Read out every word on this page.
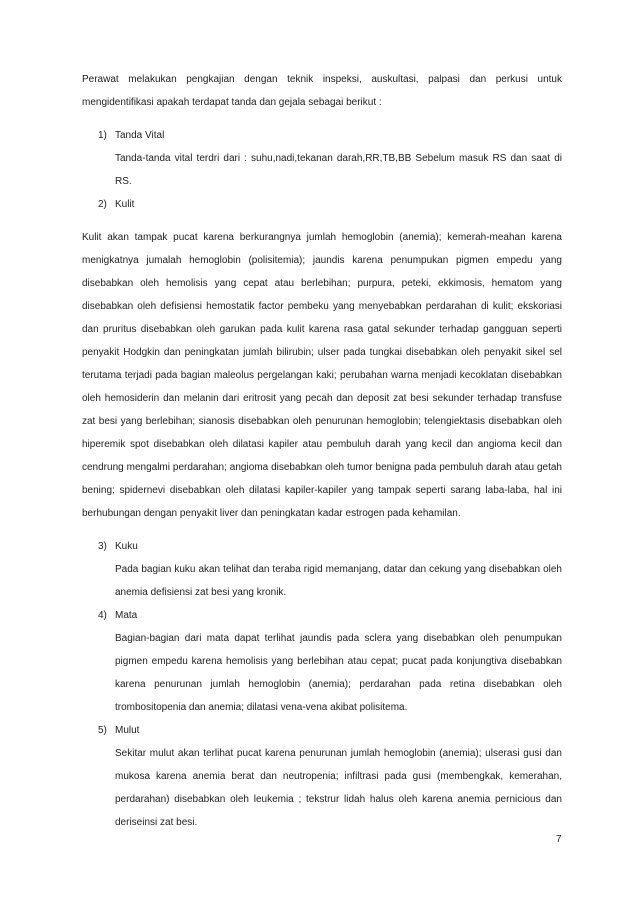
Perawat melakukan pengkajian dengan teknik inspeksi, auskultasi, palpasi dan perkusi untuk mengidentifikasi apakah terdapat tanda dan gejala sebagai berikut :

1) Tanda Vital
Tanda-tanda vital terdri dari : suhu,nadi,tekanan darah,RR,TB,BB Sebelum masuk RS dan saat di RS.
2) Kulit

Kulit akan tampak pucat karena berkurangnya jumlah hemoglobin (anemia); kemerah-meahan karena menigkatnya jumalah hemoglobin (polisitemia); jaundis karena penumpukan pigmen empedu yang disebabkan oleh hemolisis yang cepat atau berlebihan; purpura, peteki, ekkimosis, hematom yang disebabkan oleh defisiensi hemostatik factor pembeku yang menyebabkan perdarahan di kulit; ekskoriasi dan pruritus disebabkan oleh garukan pada kulit karena rasa gatal sekunder terhadap gangguan seperti penyakit Hodgkin dan peningkatan jumlah bilirubin; ulser pada tungkai disebabkan oleh penyakit sikel sel terutama terjadi pada bagian maleolus pergelangan kaki; perubahan warna menjadi kecoklatan disebabkan oleh hemosiderin dan melanin dari eritrosit yang pecah dan deposit zat besi sekunder terhadap transfuse zat besi yang berlebihan; sianosis disebabkan oleh penurunan hemoglobin; telengiektasis disebabkan oleh hiperemik spot disebabkan oleh dilatasi kapiler atau pembuluh darah yang kecil dan angioma kecil dan cendrung mengalmi perdarahan; angioma disebabkan oleh tumor benigna pada pembuluh darah atau getah bening; spidernevi disebabkan oleh dilatasi kapiler-kapiler yang tampak seperti sarang laba-laba, hal ini berhubungan dengan penyakit liver dan peningkatan kadar estrogen pada kehamilan.

3) Kuku
Pada bagian kuku akan telihat dan teraba rigid memanjang, datar dan cekung yang disebabkan oleh anemia defisiensi zat besi yang kronik.
4) Mata
Bagian-bagian dari mata dapat terlihat jaundis pada sclera yang disebabkan oleh penumpukan pigmen empedu karena hemolisis yang berlebihan atau cepat; pucat pada konjungtiva disebabkan karena penurunan jumlah hemoglobin (anemia); perdarahan pada retina disebabkan oleh trombositopenia dan anemia; dilatasi vena-vena akibat polisitema.
5) Mulut
Sekitar mulut akan terlihat pucat karena penurunan jumlah hemoglobin (anemia); ulserasi gusi dan mukosa karena anemia berat dan neutropenia; infiltrasi pada gusi (membengkak, kemerahan, perdarahan) disebabkan oleh leukemia ; tekstrur lidah halus oleh karena anemia pernicious dan deriseinsi zat besi.
7
